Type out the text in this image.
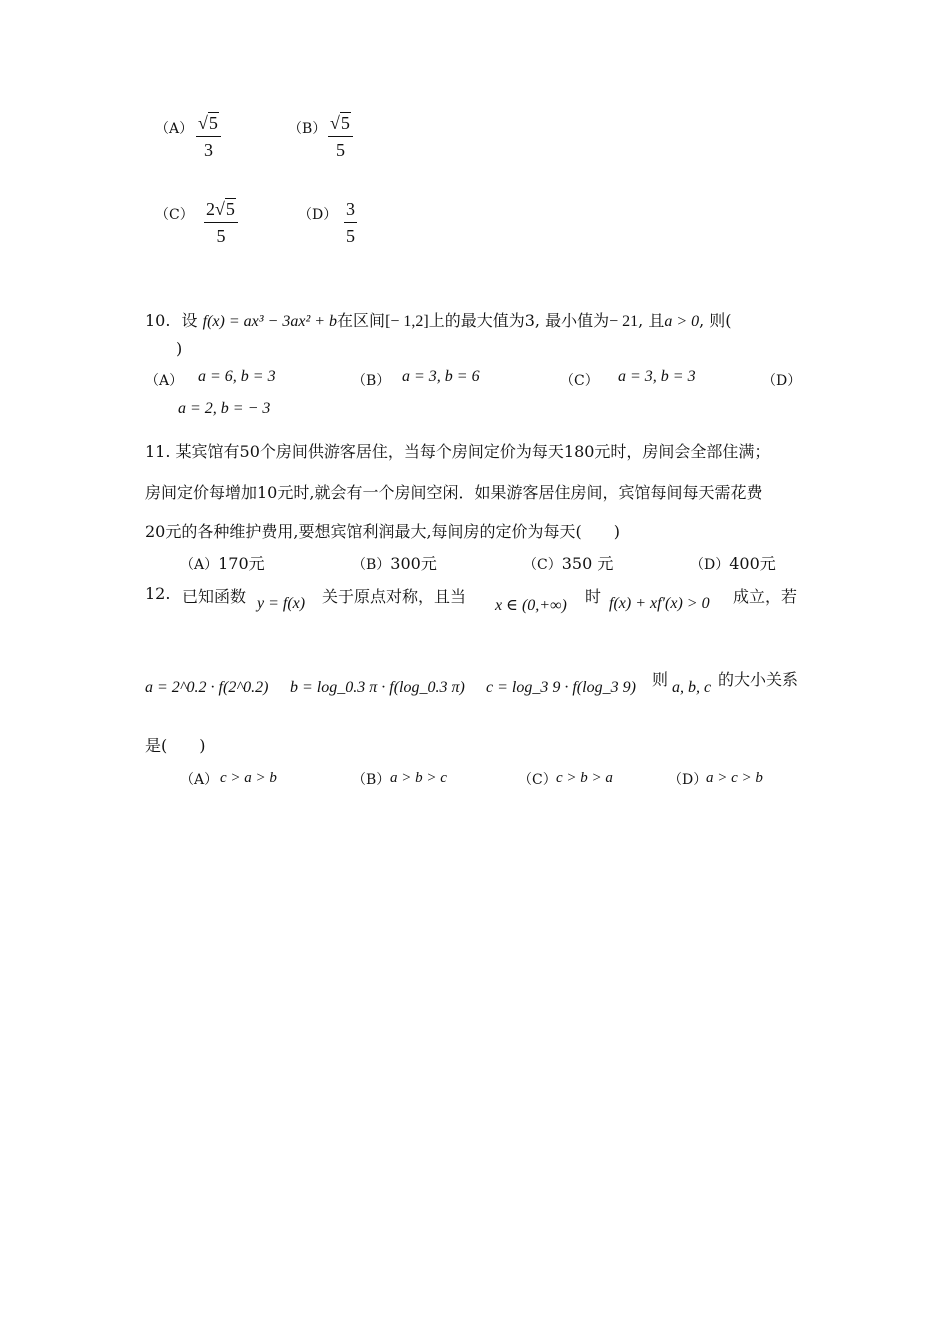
$(A) \frac{√5}{3}$	$(B) \frac{√5}{5}$
$(C) \frac{2√5}{5}$	$(D) \frac{3}{5}$
10. 设 f(x) = ax³ − 3ax² + b在区间[− 1,2]上的最大值为3, 最小值为− 21, 且a > 0, 则(
)
（A） a = 6, b = 3	（B） a = 3, b = 6	（C） a = 3, b = 3	（D）
a = 2, b = − 3
11. 某宾馆有50个房间供游客居住，当每个房间定价为每天180元时，房间会全部住满；
房间定价每增加10元时,就会有一个房间空闲．如果游客居住房间，宾馆每间每天需花费
20元的各种维护费用,要想宾馆利润最大,每间房的定价为每天(　　)
（A）170元	（B）300元	（C）350 元	（D）400元
12. 已知函数 y = f(x) 关于原点对称，且当 x ∈ (0,+∞) 时 f(x) + xf′(x) > 0 成立，若
a = 2^0.2 · f(2^0.2) b = log_0.3 π · f(log_0.3 π) c = log_3 9 · f(log_3 9) 则 a, b, c 的大小关系
是(　　)
（A） c > a > b	（B） a > b > c	（C） c > b > a	（D）
a > c > b
